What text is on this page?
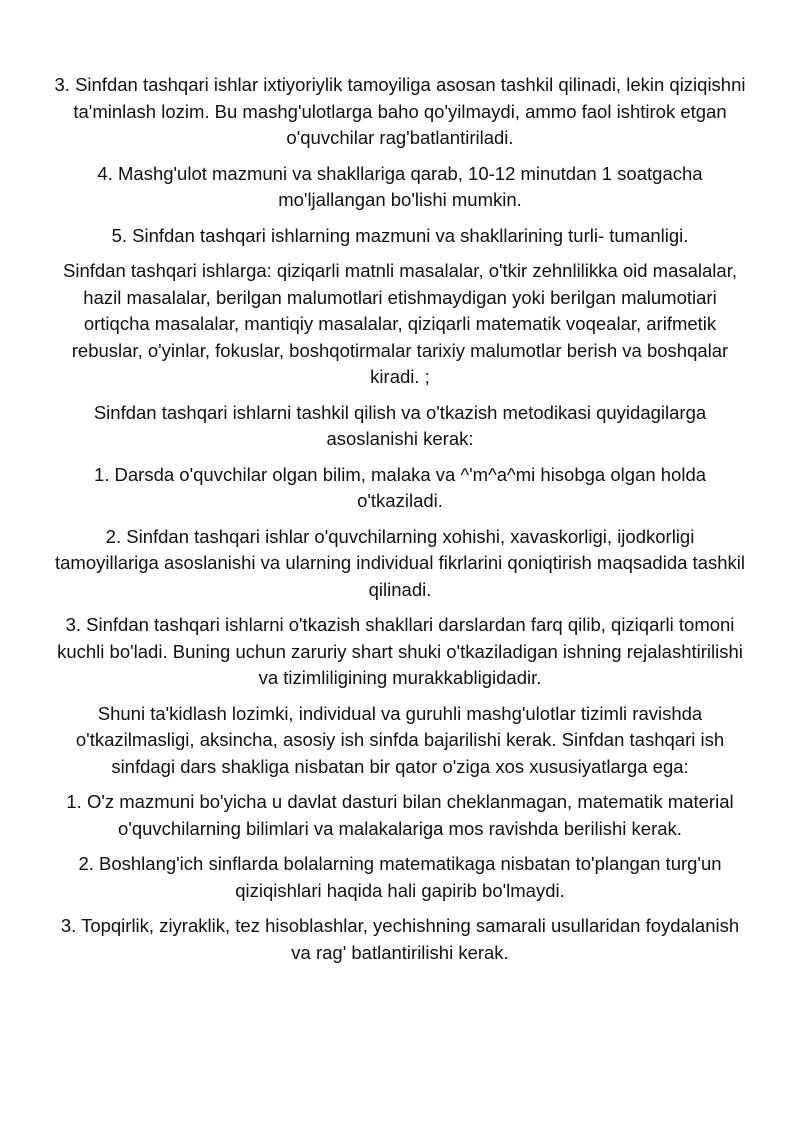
3. Sinfdan tashqari ishlar ixtiyoriylik tamoyiliga asosan tashkil qilinadi, lekin qiziqishni ta'minlash lozim. Bu mashg'ulotlarga baho qo'yilmaydi, ammo faol ishtirok etgan o'quvchilar rag'batlantiriladi.

4. Mashg'ulot mazmuni va shakllariga qarab, 10-12 minutdan 1 soatgacha mo'ljallangan bo'lishi mumkin.

5. Sinfdan tashqari ishlarning mazmuni va shakllarining turli- tumanligi.

Sinfdan tashqari ishlarga: qiziqarli matnli masalalar, o'tkir zehnlilikka oid masalalar, hazil masalalar, berilgan malumotlari etishmaydigan yoki berilgan malumotiari ortiqcha masalalar, mantiqiy masalalar, qiziqarli matematik voqealar, arifmetik rebuslar, o'yinlar, fokuslar, boshqotirmalar tarixiy malumotlar berish va boshqalar kiradi. ;

Sinfdan tashqari ishlarni tashkil qilish va o'tkazish metodikasi quyidagilarga asoslanishi kerak:

1. Darsda o'quvchilar olgan bilim, malaka va ^'m^a^mi hisobga olgan holda o'tkaziladi.

2. Sinfdan tashqari ishlar o'quvchilarning xohishi, xavaskorligi, ijodkorligi tamoyillariga asoslanishi va ularning individual fikrlarini qoniqtirish maqsadida tashkil qilinadi.

3. Sinfdan tashqari ishlarni o'tkazish shakllari darslardan farq qilib, qiziqarli tomoni kuchli bo'ladi. Buning uchun zaruriy shart shuki o'tkaziladigan ishning rejalashtirilishi va tizimliligining murakkabligidadir.

Shuni ta'kidlash lozimki, individual va guruhli mashg'ulotlar tizimli ravishda o'tkazilmasligi, aksincha, asosiy ish sinfda bajarilishi kerak. Sinfdan tashqari ish sinfdagi dars shakliga nisbatan bir qator o'ziga xos xususiyatlarga ega:

1. O'z mazmuni bo'yicha u davlat dasturi bilan cheklanmagan, matematik material o'quvchilarning bilimlari va malakalariga mos ravishda berilishi kerak.

2. Boshlang'ich sinflarda bolalarning matematikaga nisbatan to'plangan turg'un qiziqishlari haqida hali gapirib bo'lmaydi.

3. Topqirlik, ziyraklik, tez hisoblashlar, yechishning samarali usullaridan foydalanish va rag' batlantirilishi kerak.
